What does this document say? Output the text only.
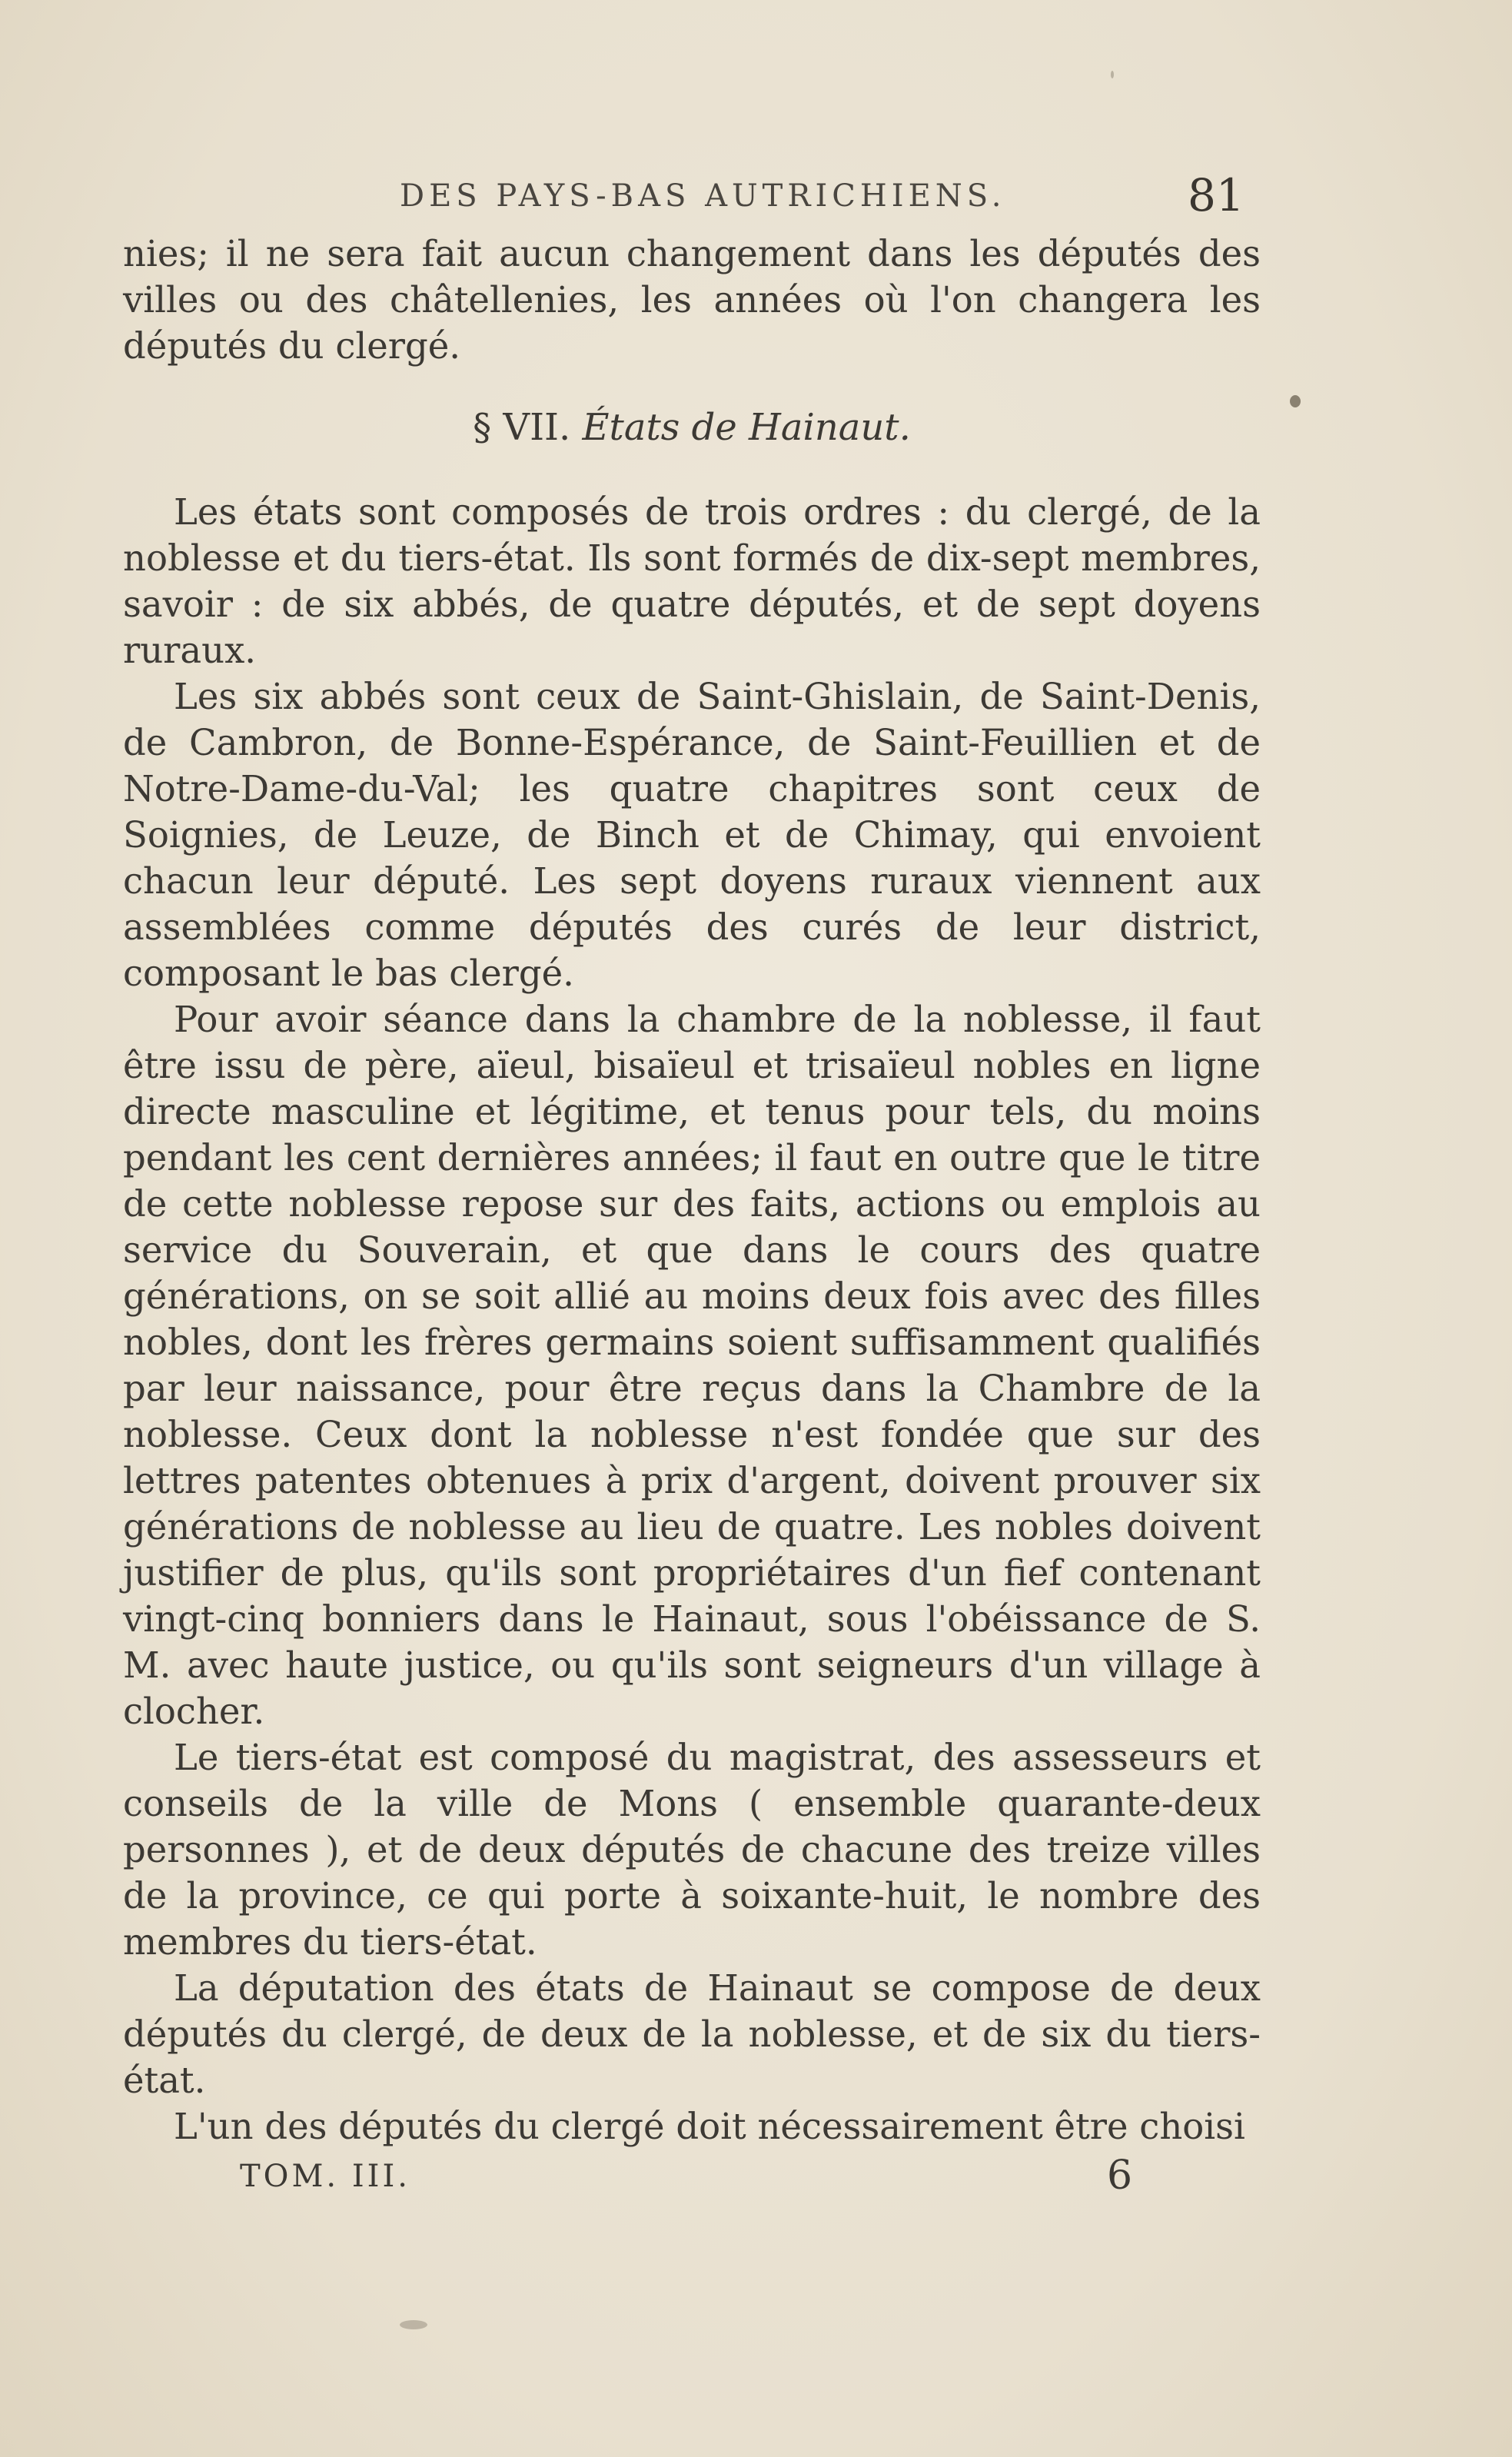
DES PAYS-BAS AUTRICHIENS.	81

nies; il ne sera fait aucun changement dans les députés des villes ou des châtellenies, les années où l'on changera les députés du clergé.

§ VII. États de Hainaut.

Les états sont composés de trois ordres : du clergé, de la noblesse et du tiers-état. Ils sont formés de dix-sept membres, savoir : de six abbés, de quatre députés, et de sept doyens ruraux.

Les six abbés sont ceux de Saint-Ghislain, de Saint-Denis, de Cambron, de Bonne-Espérance, de Saint-Feuillien et de Notre-Dame-du-Val; les quatre chapitres sont ceux de Soignies, de Leuze, de Binch et de Chimay, qui envoient chacun leur député. Les sept doyens ruraux viennent aux assemblées comme députés des curés de leur district, composant le bas clergé.

Pour avoir séance dans la chambre de la noblesse, il faut être issu de père, aïeul, bisaïeul et trisaïeul nobles en ligne directe masculine et légitime, et tenus pour tels, du moins pendant les cent dernières années; il faut en outre que le titre de cette noblesse repose sur des faits, actions ou emplois au service du Souverain, et que dans le cours des quatre générations, on se soit allié au moins deux fois avec des filles nobles, dont les frères germains soient suffisamment qualifiés par leur naissance, pour être reçus dans la Chambre de la noblesse. Ceux dont la noblesse n'est fondée que sur des lettres patentes obtenues à prix d'argent, doivent prouver six générations de noblesse au lieu de quatre. Les nobles doivent justifier de plus, qu'ils sont propriétaires d'un fief contenant vingt-cinq bonniers dans le Hainaut, sous l'obéissance de S. M. avec haute justice, ou qu'ils sont seigneurs d'un village à clocher.

Le tiers-état est composé du magistrat, des assesseurs et conseils de la ville de Mons ( ensemble quarante-deux personnes ), et de deux députés de chacune des treize villes de la province, ce qui porte à soixante-huit, le nombre des membres du tiers-état.

La députation des états de Hainaut se compose de deux députés du clergé, de deux de la noblesse, et de six du tiers-état.

L'un des députés du clergé doit nécessairement être choisi

TOM. III.	6
